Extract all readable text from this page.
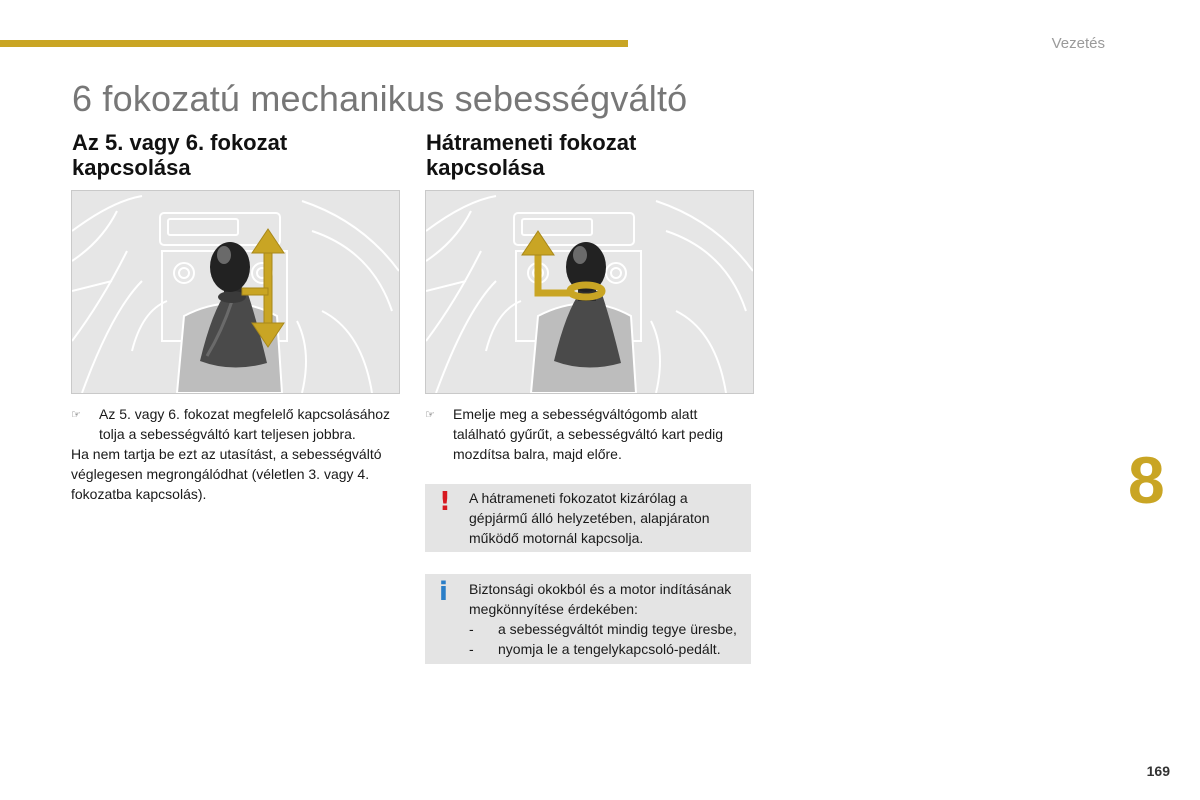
Vezetés
6 fokozatú mechanikus sebességváltó
Az 5. vagy 6. fokozat
kapcsolása
☞ Az 5. vagy 6. fokozat megfelelő kapcsolásához tolja a sebességváltó kart teljesen jobbra.
Ha nem tartja be ezt az utasítást, a sebességváltó véglegesen megrongálódhat (véletlen 3. vagy 4. fokozatba kapcsolás).
Hátrameneti fokozat
kapcsolása
☞ Emelje meg a sebességváltógomb alatt található gyűrűt, a sebességváltó kart pedig mozdítsa balra, majd előre.
! A hátrameneti fokozatot kizárólag a gépjármű álló helyzetében, alapjáraton működő motornál kapcsolja.
i Biztonsági okokból és a motor indításának megkönnyítése érdekében:
- a sebességváltót mindig tegye üresbe,
- nyomja le a tengelykapcsoló-pedált.
8
169
